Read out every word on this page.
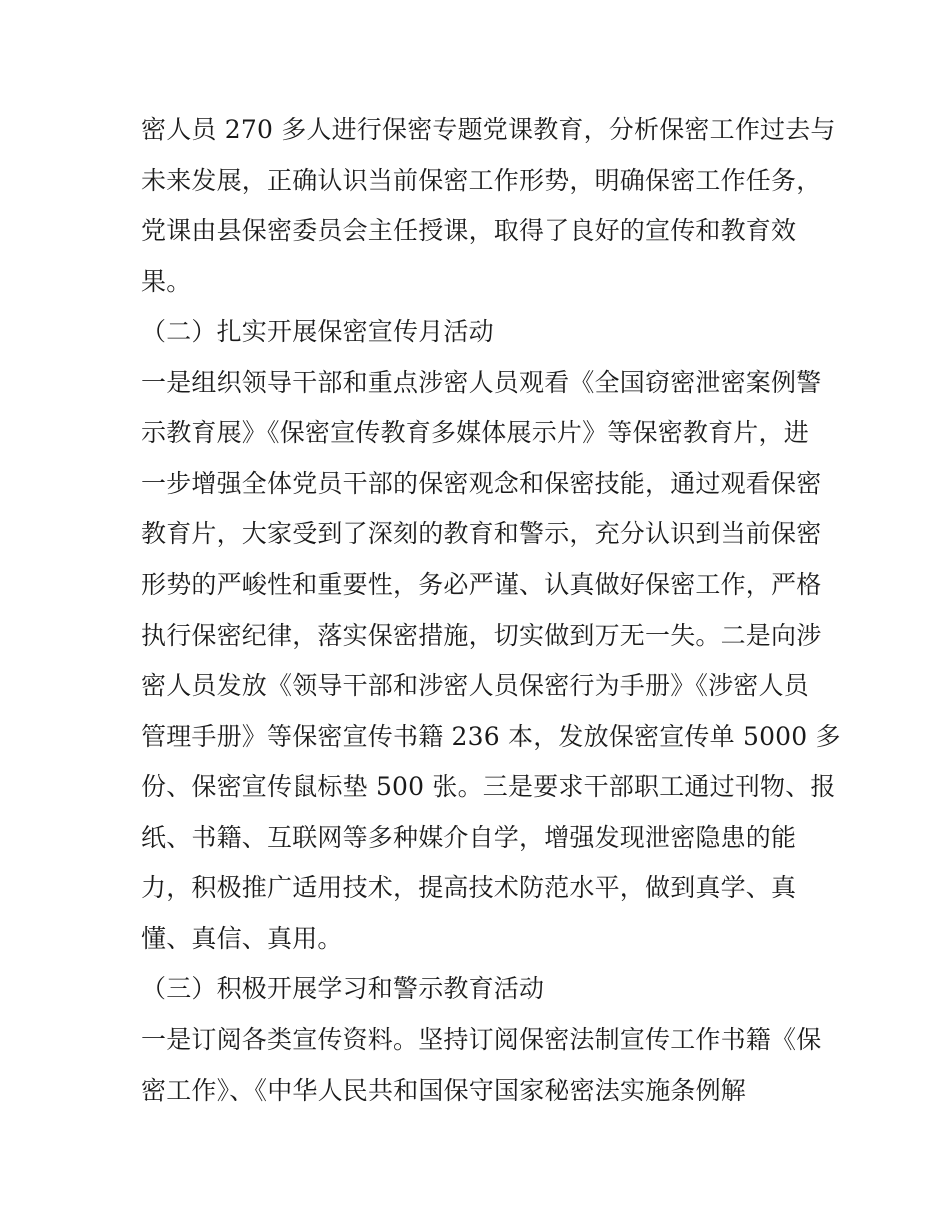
密人员 270 多人进行保密专题党课教育，分析保密工作过去与
未来发展，正确认识当前保密工作形势，明确保密工作任务，
党课由县保密委员会主任授课，取得了良好的宣传和教育效
果。
（二）扎实开展保密宣传月活动
一是组织领导干部和重点涉密人员观看《全国窃密泄密案例警
示教育展》《保密宣传教育多媒体展示片》等保密教育片，进
一步增强全体党员干部的保密观念和保密技能，通过观看保密
教育片，大家受到了深刻的教育和警示，充分认识到当前保密
形势的严峻性和重要性，务必严谨、认真做好保密工作，严格
执行保密纪律，落实保密措施，切实做到万无一失。二是向涉
密人员发放《领导干部和涉密人员保密行为手册》《涉密人员
管理手册》等保密宣传书籍 236 本，发放保密宣传单 5000 多
份、保密宣传鼠标垫 500 张。三是要求干部职工通过刊物、报
纸、书籍、互联网等多种媒介自学，增强发现泄密隐患的能
力，积极推广适用技术，提高技术防范水平，做到真学、真
懂、真信、真用。
（三）积极开展学习和警示教育活动
一是订阅各类宣传资料。坚持订阅保密法制宣传工作书籍《保
密工作》、《中华人民共和国保守国家秘密法实施条例解
